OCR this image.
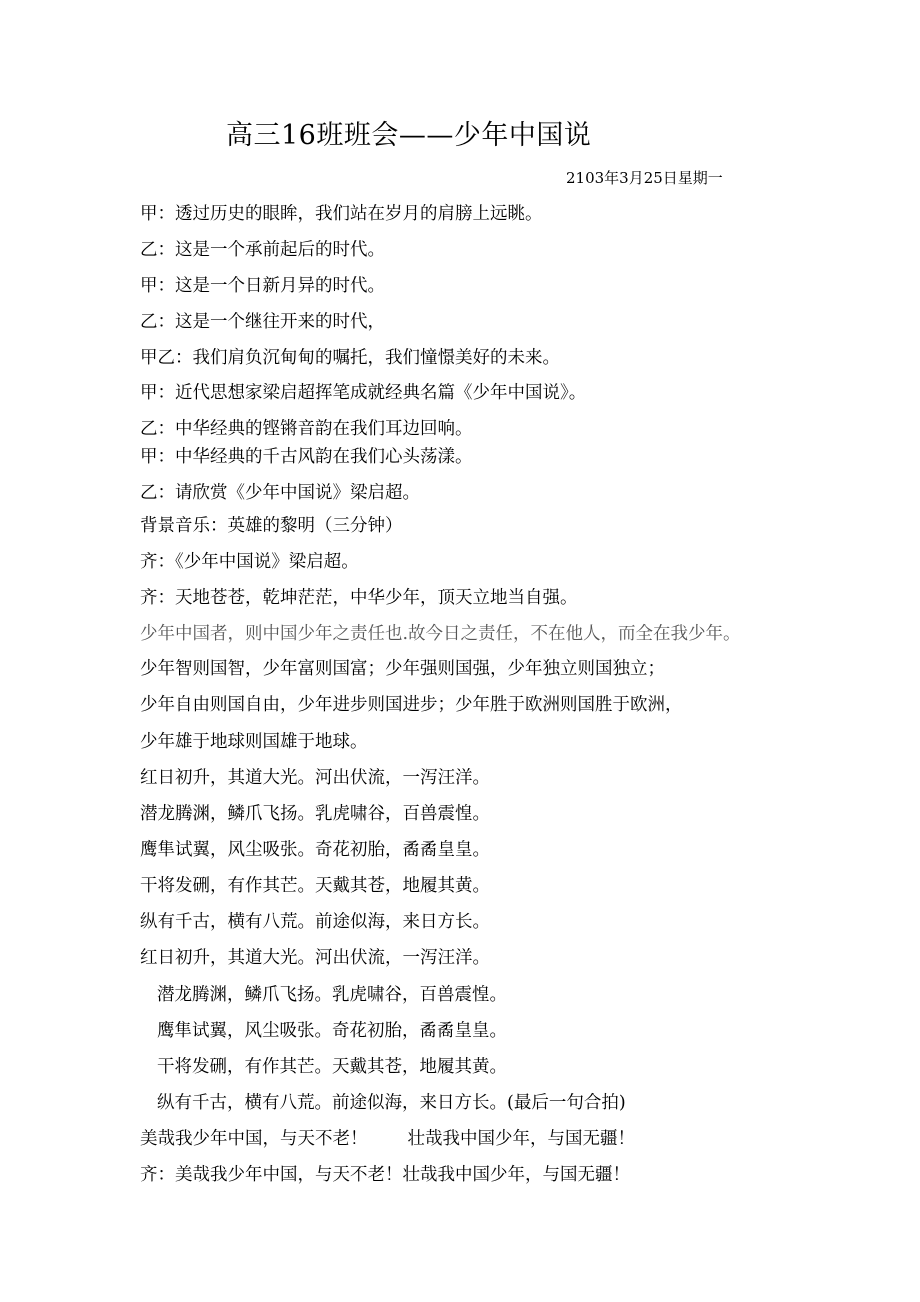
高三16班班会——少年中国说
2103年3月25日星期一
甲：透过历史的眼眸，我们站在岁月的肩膀上远眺。
乙：这是一个承前起后的时代。
甲：这是一个日新月异的时代。
乙：这是一个继往开来的时代，
甲乙：我们肩负沉甸甸的嘱托，我们憧憬美好的未来。
甲：近代思想家梁启超挥笔成就经典名篇《少年中国说》。
乙：中华经典的铿锵音韵在我们耳边回响。
甲：中华经典的千古风韵在我们心头荡漾。
乙：请欣赏《少年中国说》梁启超。
背景音乐：英雄的黎明（三分钟）
齐：《少年中国说》梁启超。
齐：天地苍苍，乾坤茫茫，中华少年，顶天立地当自强。
少年中国者，则中国少年之责任也.故今日之责任，不在他人，而全在我少年。
少年智则国智，少年富则国富；少年强则国强，少年独立则国独立；
少年自由则国自由，少年进步则国进步；少年胜于欧洲则国胜于欧洲，
少年雄于地球则国雄于地球。
红日初升，其道大光。河出伏流，一泻汪洋。
潜龙腾渊，鳞爪飞扬。乳虎啸谷，百兽震惶。
鹰隼试翼，风尘吸张。奇花初胎，矞矞皇皇。
干将发硎，有作其芒。天戴其苍，地履其黄。
纵有千古，横有八荒。前途似海，来日方长。
红日初升，其道大光。河出伏流，一泻汪洋。
潜龙腾渊，鳞爪飞扬。乳虎啸谷，百兽震惶。
鹰隼试翼，风尘吸张。奇花初胎，矞矞皇皇。
干将发硎，有作其芒。天戴其苍，地履其黄。
纵有千古，横有八荒。前途似海，来日方长。(最后一句合拍)
美哉我少年中国，与天不老！ 壮哉我中国少年，与国无疆！
齐：美哉我少年中国，与天不老！壮哉我中国少年，与国无疆！
